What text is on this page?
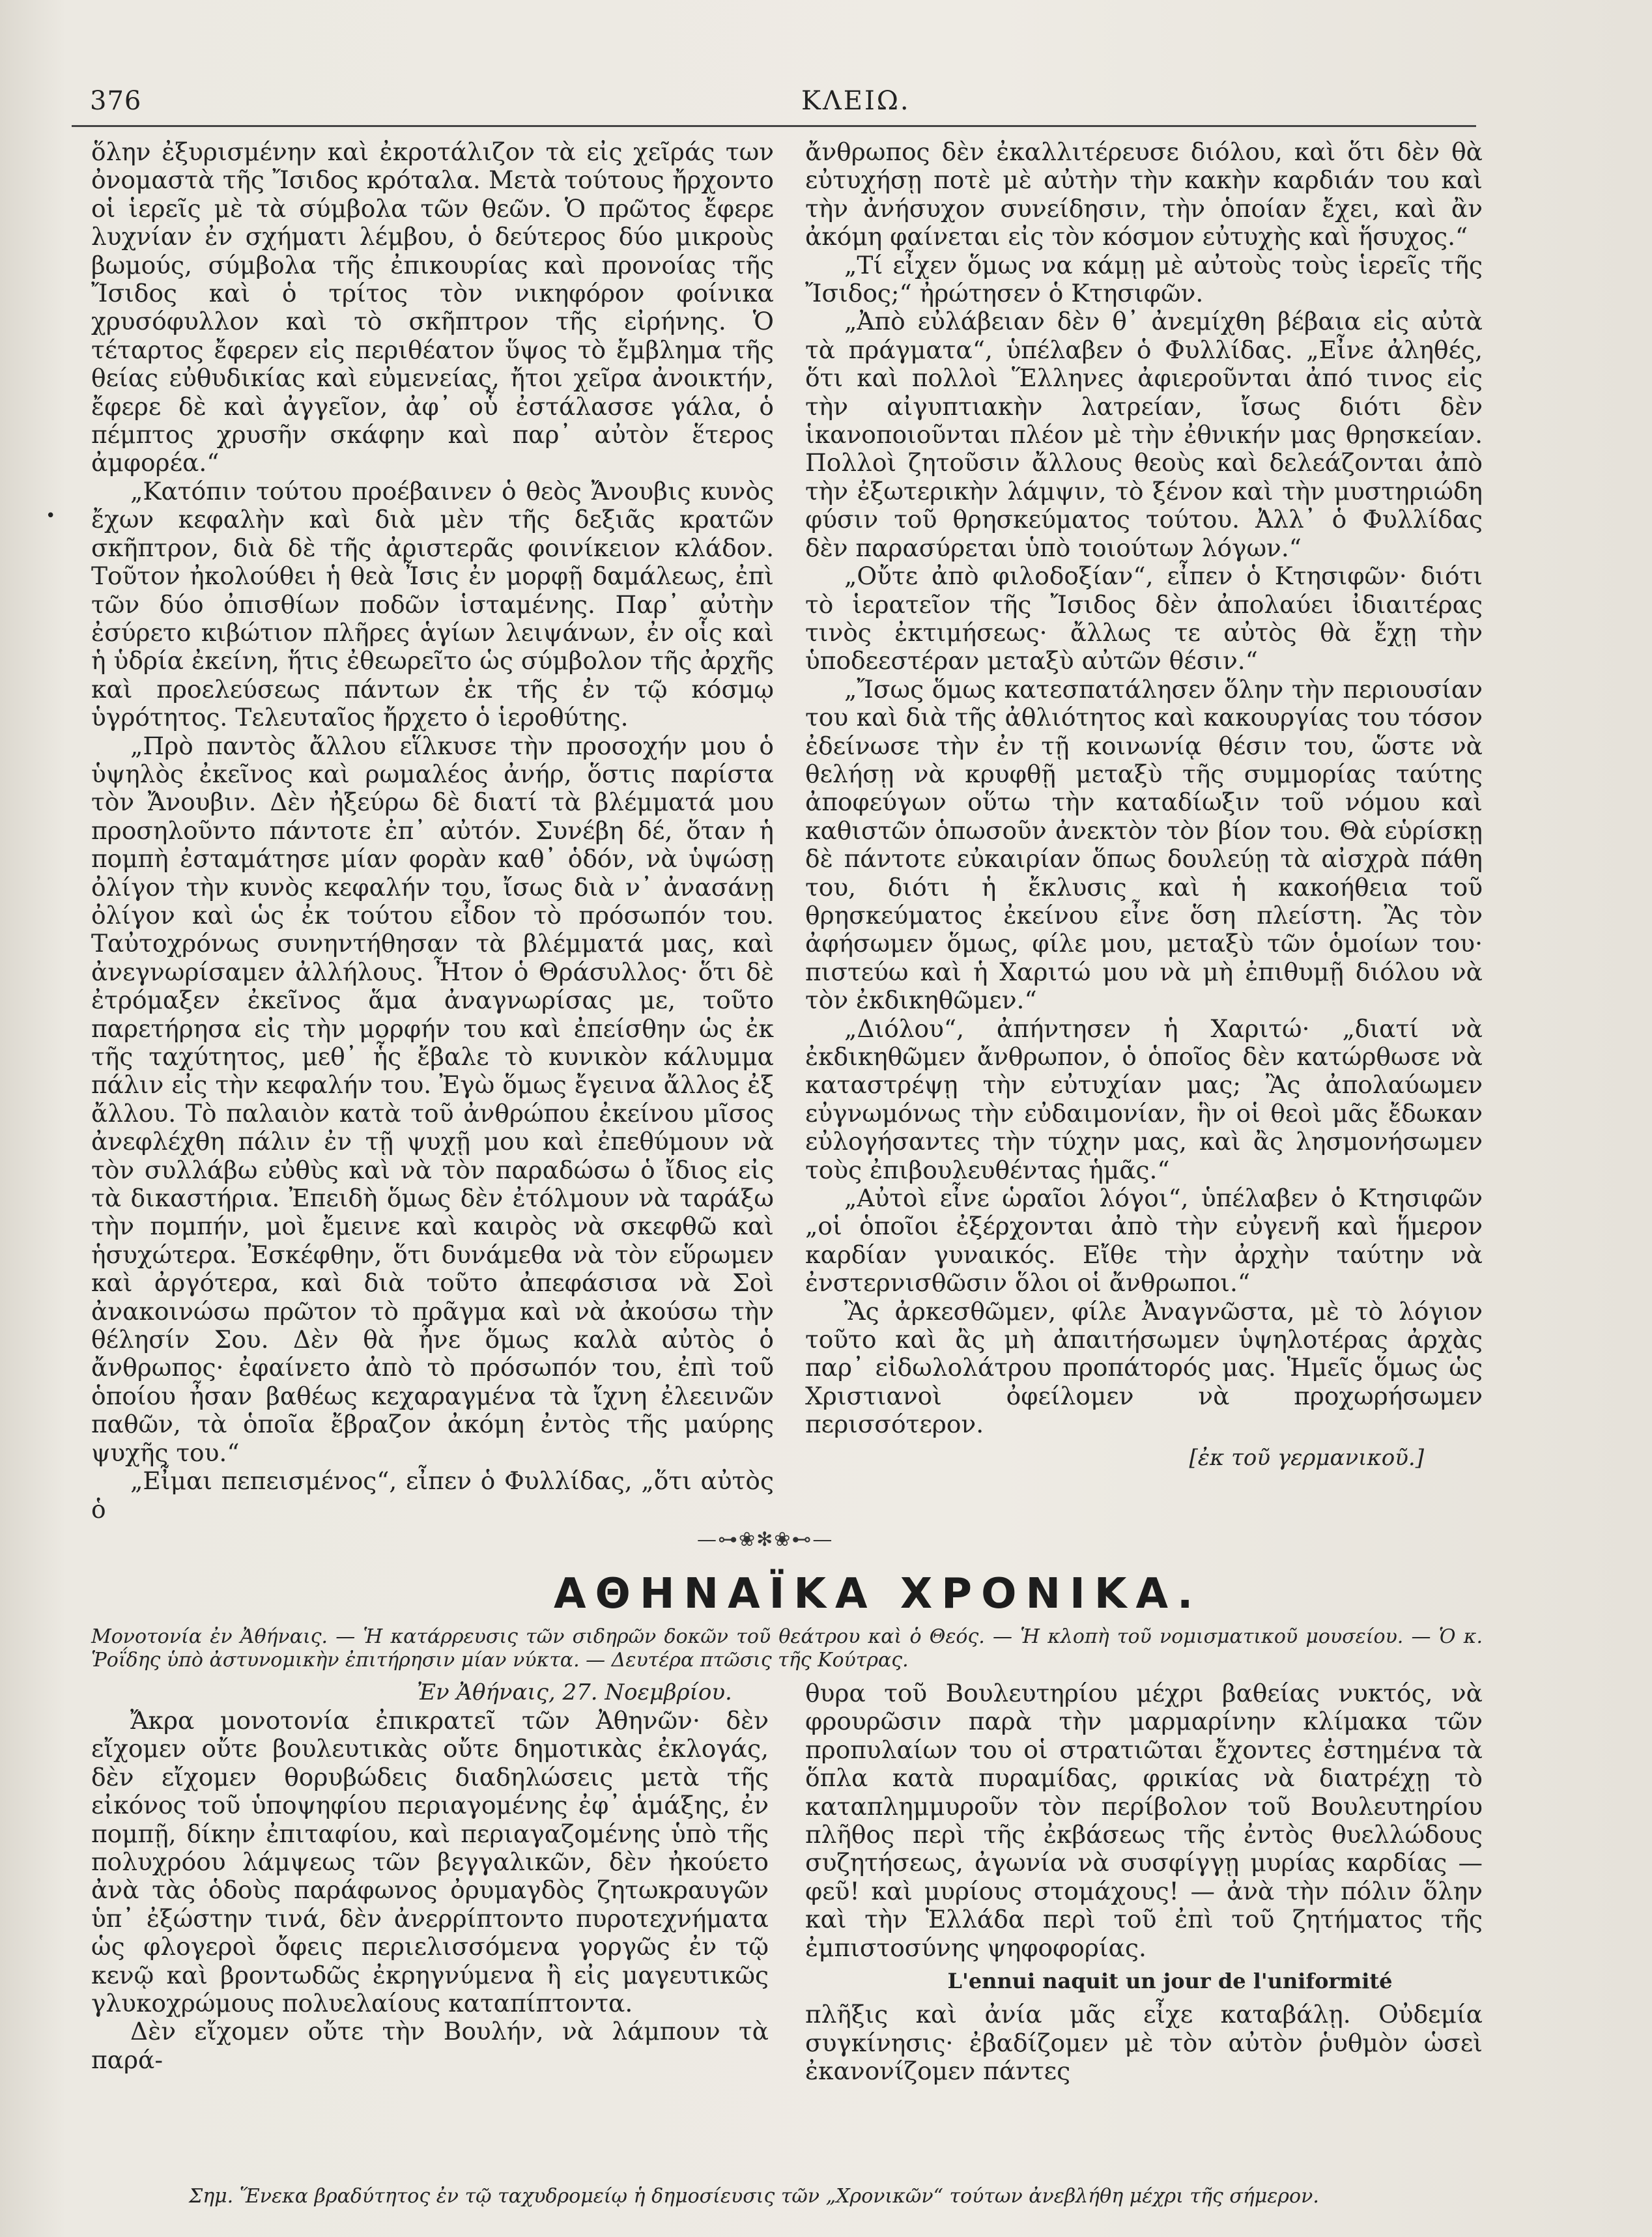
376	ΚΛΕΙΩ.
•

ὅλην ἐξυρισμένην καὶ ἐκροτάλιζον τὰ εἰς χεῖράς των ὀνομαστὰ τῆς Ἴσιδος κρόταλα. Μετὰ τούτους ἤρχοντο οἱ ἱερεῖς μὲ τὰ σύμβολα τῶν θεῶν. Ὁ πρῶτος ἔφερε λυχνίαν ἐν σχήματι λέμβου, ὁ δεύτερος δύο μικροὺς βωμούς, σύμβολα τῆς ἐπικουρίας καὶ προνοίας τῆς Ἴσιδος καὶ ὁ τρίτος τὸν νικηφόρον φοίνικα χρυσόφυλλον καὶ τὸ σκῆπτρον τῆς εἰρήνης. Ὁ τέταρτος ἔφερεν εἰς περιθέατον ὕψος τὸ ἔμβλημα τῆς θείας εὐθυδικίας καὶ εὐμενείας, ἤτοι χεῖρα ἀνοικτήν, ἔφερε δὲ καὶ ἀγγεῖον, ἀφ᾽ οὗ ἐστάλασσε γάλα, ὁ πέμπτος χρυσῆν σκάφην καὶ παρ᾽ αὐτὸν ἕτερος ἀμφορέα.“

„Κατόπιν τούτου προέβαινεν ὁ θεὸς Ἄνουβις κυνὸς ἔχων κεφαλὴν καὶ διὰ μὲν τῆς δεξιᾶς κρατῶν σκῆπτρον, διὰ δὲ τῆς ἀριστερᾶς φοινίκειον κλάδον. Τοῦτον ἠκολούθει ἡ θεὰ Ἶσις ἐν μορφῇ δαμάλεως, ἐπὶ τῶν δύο ὀπισθίων ποδῶν ἱσταμένης. Παρ᾽ αὐτὴν ἐσύρετο κιβώτιον πλῆρες ἁγίων λειψάνων, ἐν οἷς καὶ ἡ ὑδρία ἐκείνη, ἥτις ἐθεωρεῖτο ὡς σύμβολον τῆς ἀρχῆς καὶ προελεύσεως πάντων ἐκ τῆς ἐν τῷ κόσμῳ ὑγρότητος. Τελευταῖος ἤρχετο ὁ ἱεροθύτης.

„Πρὸ παντὸς ἄλλου εἵλκυσε τὴν προσοχήν μου ὁ ὑψηλὸς ἐκεῖνος καὶ ρωμαλέος ἀνήρ, ὅστις παρίστα τὸν Ἄνουβιν. Δὲν ἠξεύρω δὲ διατί τὰ βλέμματά μου προσηλοῦντο πάντοτε ἐπ᾽ αὐτόν. Συνέβη δέ, ὅταν ἡ πομπὴ ἐσταμάτησε μίαν φορὰν καθ᾽ ὁδόν, νὰ ὑψώσῃ ὀλίγον τὴν κυνὸς κεφαλήν του, ἴσως διὰ ν᾽ ἀνασάνῃ ὀλίγον καὶ ὡς ἐκ τούτου εἶδον τὸ πρόσωπόν του. Ταὐτοχρόνως συνηντήθησαν τὰ βλέμματά μας, καὶ ἀνεγνωρίσαμεν ἀλλήλους. Ἦτον ὁ Θράσυλλος· ὅτι δὲ ἐτρόμαξεν ἐκεῖνος ἅμα ἀναγνωρίσας με, τοῦτο παρετήρησα εἰς τὴν μορφήν του καὶ ἐπείσθην ὡς ἐκ τῆς ταχύτητος, μεθ᾽ ἧς ἔβαλε τὸ κυνικὸν κάλυμμα πάλιν εἰς τὴν κεφαλήν του. Ἐγὼ ὅμως ἔγεινα ἄλλος ἐξ ἄλλου. Τὸ παλαιὸν κατὰ τοῦ ἀνθρώπου ἐκείνου μῖσος ἀνεφλέχθη πάλιν ἐν τῇ ψυχῇ μου καὶ ἐπεθύμουν νὰ τὸν συλλάβω εὐθὺς καὶ νὰ τὸν παραδώσω ὁ ἴδιος εἰς τὰ δικαστήρια. Ἐπειδὴ ὅμως δὲν ἐτόλμουν νὰ ταράξω τὴν πομπήν, μοὶ ἔμεινε καὶ καιρὸς νὰ σκεφθῶ καὶ ἡσυχώτερα. Ἐσκέφθην, ὅτι δυνάμεθα νὰ τὸν εὕρωμεν καὶ ἀργότερα, καὶ διὰ τοῦτο ἀπεφάσισα νὰ Σοὶ ἀνακοινώσω πρῶτον τὸ πρᾶγμα καὶ νὰ ἀκούσω τὴν θέλησίν Σου. Δὲν θὰ ἦνε ὅμως καλὰ αὐτὸς ὁ ἄνθρωπος· ἐφαίνετο ἀπὸ τὸ πρόσωπόν του, ἐπὶ τοῦ ὁποίου ἦσαν βαθέως κεχαραγμένα τὰ ἴχνη ἐλεεινῶν παθῶν, τὰ ὁποῖα ἔβραζον ἀκόμη ἐντὸς τῆς μαύρης ψυχῆς του.“

„Εἶμαι πεπεισμένος“, εἶπεν ὁ Φυλλίδας, „ὅτι αὐτὸς ὁ

ἄνθρωπος δὲν ἐκαλλιτέρευσε διόλου, καὶ ὅτι δὲν θὰ εὐτυχήσῃ ποτὲ μὲ αὐτὴν τὴν κακὴν καρδιάν του καὶ τὴν ἀνήσυχον συνείδησιν, τὴν ὁποίαν ἔχει, καὶ ἂν ἀκόμη φαίνεται εἰς τὸν κόσμον εὐτυχὴς καὶ ἥσυχος.“

„Τί εἶχεν ὅμως να κάμῃ μὲ αὐτοὺς τοὺς ἱερεῖς τῆς Ἴσιδος;“ ἠρώτησεν ὁ Κτησιφῶν.

„Ἀπὸ εὐλάβειαν δὲν θ᾽ ἀνεμίχθη βέβαια εἰς αὐτὰ τὰ πράγματα“, ὑπέλαβεν ὁ Φυλλίδας. „Εἶνε ἀληθές, ὅτι καὶ πολλοὶ Ἕλληνες ἀφιεροῦνται ἀπό τινος εἰς τὴν αἰγυπτιακὴν λατρείαν, ἴσως διότι δὲν ἱκανοποιοῦνται πλέον μὲ τὴν ἐθνικήν μας θρησκείαν. Πολλοὶ ζητοῦσιν ἄλλους θεοὺς καὶ δελεάζονται ἀπὸ τὴν ἐξωτερικὴν λάμψιν, τὸ ξένον καὶ τὴν μυστηριώδη φύσιν τοῦ θρησκεύματος τούτου. Ἀλλ᾽ ὁ Φυλλίδας δὲν παρασύρεται ὑπὸ τοιούτων λόγων.“

„Οὔτε ἀπὸ φιλοδοξίαν“, εἶπεν ὁ Κτησιφῶν· διότι τὸ ἱερατεῖον τῆς Ἴσιδος δὲν ἀπολαύει ἰδιαιτέρας τινὸς ἐκτιμήσεως· ἄλλως τε αὐτὸς θὰ ἔχῃ τὴν ὑποδεεστέραν μεταξὺ αὐτῶν θέσιν.“

„Ἴσως ὅμως κατεσπατάλησεν ὅλην τὴν περιουσίαν του καὶ διὰ τῆς ἀθλιότητος καὶ κακουργίας του τόσον ἐδείνωσε τὴν ἐν τῇ κοινωνίᾳ θέσιν του, ὥστε νὰ θελήσῃ νὰ κρυφθῇ μεταξὺ τῆς συμμορίας ταύτης ἀποφεύγων οὕτω τὴν καταδίωξιν τοῦ νόμου καὶ καθιστῶν ὁπωσοῦν ἀνεκτὸν τὸν βίον του. Θὰ εὑρίσκῃ δὲ πάντοτε εὐκαιρίαν ὅπως δουλεύῃ τὰ αἰσχρὰ πάθη του, διότι ἡ ἔκλυσις καὶ ἡ κακοήθεια τοῦ θρησκεύματος ἐκείνου εἶνε ὅση πλείστη. Ἂς τὸν ἀφήσωμεν ὅμως, φίλε μου, μεταξὺ τῶν ὁμοίων του· πιστεύω καὶ ἡ Χαριτώ μου νὰ μὴ ἐπιθυμῇ διόλου νὰ τὸν ἐκδικηθῶμεν.“

„Διόλου“, ἀπήντησεν ἡ Χαριτώ· „διατί νὰ ἐκδικηθῶμεν ἄνθρωπον, ὁ ὁποῖος δὲν κατώρθωσε νὰ καταστρέψῃ τὴν εὐτυχίαν μας; Ἂς ἀπολαύωμεν εὐγνωμόνως τὴν εὐδαιμονίαν, ἣν οἱ θεοὶ μᾶς ἔδωκαν εὐλογήσαντες τὴν τύχην μας, καὶ ἂς λησμονήσωμεν τοὺς ἐπιβουλευθέντας ἡμᾶς.“

„Αὐτοὶ εἶνε ὡραῖοι λόγοι“, ὑπέλαβεν ὁ Κτησιφῶν „οἱ ὁποῖοι ἐξέρχονται ἀπὸ τὴν εὐγενῆ καὶ ἥμερον καρδίαν γυναικός. Εἴθε τὴν ἀρχὴν ταύτην νὰ ἐνστερνισθῶσιν ὅλοι οἱ ἄνθρωποι.“

Ἂς ἀρκεσθῶμεν, φίλε Ἀναγνῶστα, μὲ τὸ λόγιον τοῦτο καὶ ἂς μὴ ἀπαιτήσωμεν ὑψηλοτέρας ἀρχὰς παρ᾽ εἰδωλολάτρου προπάτορός μας. Ἡμεῖς ὅμως ὡς Χριστιανοὶ ὀφείλομεν νὰ προχωρήσωμεν περισσότερον.

[ἐκ τοῦ γερμανικοῦ.]

—⊶❀✻❀⊷—
ΑΘΗΝΑΪΚΑ ΧΡΟΝΙΚΑ.
Μονοτονία ἐν Ἀθήναις. — Ἡ κατάρρευσις τῶν σιδηρῶν δοκῶν τοῦ θεάτρου καὶ ὁ Θεός. — Ἡ κλοπὴ τοῦ νομισματικοῦ μουσείου. — Ὁ κ. Ῥοΐδης ὑπὸ ἀστυνομικὴν ἐπιτήρησιν μίαν νύκτα. — Δευτέρα πτῶσις τῆς Κούτρας.
Ἐν Ἀθήναις, 27. Νοεμβρίου.

Ἄκρα μονοτονία ἐπικρατεῖ τῶν Ἀθηνῶν· δὲν εἴχομεν οὔτε βουλευτικὰς οὔτε δημοτικὰς ἐκλογάς, δὲν εἴχομεν θορυβώδεις διαδηλώσεις μετὰ τῆς εἰκόνος τοῦ ὑποψηφίου περιαγομένης ἐφ᾽ ἁμάξης, ἐν πομπῇ, δίκην ἐπιταφίου, καὶ περιαγαζομένης ὑπὸ τῆς πολυχρόου λάμψεως τῶν βεγγαλικῶν, δὲν ἠκούετο ἀνὰ τὰς ὁδοὺς παράφωνος ὀρυμαγδὸς ζητωκραυγῶν ὑπ᾽ ἐξώστην τινά, δὲν ἀνερρίπτοντο πυροτεχνήματα ὡς φλογεροὶ ὄφεις περιελισσόμενα γοργῶς ἐν τῷ κενῷ καὶ βροντωδῶς ἐκρηγνύμενα ἢ εἰς μαγευτικῶς γλυκοχρώμους πολυελαίους καταπίπτοντα.

Δὲν εἴχομεν οὔτε τὴν Βουλήν, νὰ λάμπουν τὰ παρά-

θυρα τοῦ Βουλευτηρίου μέχρι βαθείας νυκτός, νὰ φρουρῶσιν παρὰ τὴν μαρμαρίνην κλίμακα τῶν προπυλαίων του οἱ στρατιῶται ἔχοντες ἐστημένα τὰ ὅπλα κατὰ πυραμίδας, φρικίας νὰ διατρέχῃ τὸ καταπλημμυροῦν τὸν περίβολον τοῦ Βουλευτηρίου πλῆθος περὶ τῆς ἐκβάσεως τῆς ἐντὸς θυελλώδους συζητήσεως, ἀγωνία νὰ συσφίγγῃ μυρίας καρδίας — φεῦ! καὶ μυρίους στομάχους! — ἀνὰ τὴν πόλιν ὅλην καὶ τὴν Ἑλλάδα περὶ τοῦ ἐπὶ τοῦ ζητήματος τῆς ἐμπιστοσύνης ψηφοφορίας.

L'ennui naquit un jour de l'uniformité

πλῆξις καὶ ἀνία μᾶς εἶχε καταβάλῃ. Οὐδεμία συγκίνησις· ἐβαδίζομεν μὲ τὸν αὐτὸν ῥυθμὸν ὡσεὶ ἐκανονίζομεν πάντες

Σημ. Ἕνεκα βραδύτητος ἐν τῷ ταχυδρομείῳ ἡ δημοσίευσις τῶν „Χρονικῶν“ τούτων ἀνεβλήθη μέχρι τῆς σήμερον.
